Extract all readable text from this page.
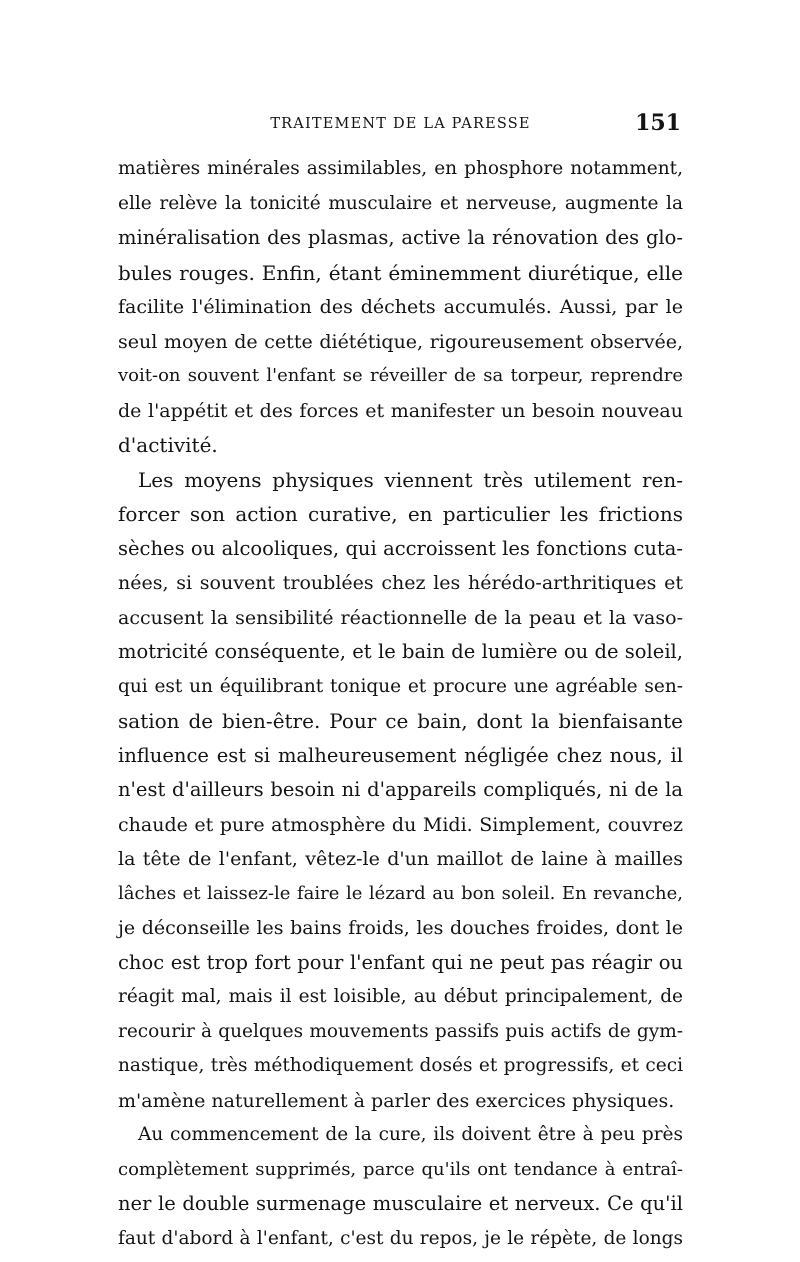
TRAITEMENT DE LA PARESSE	151
matières minérales assimilables, en phosphore notamment,
elle relève la tonicité musculaire et nerveuse, augmente la
minéralisation des plasmas, active la rénovation des glo-
bules rouges. Enfin, étant éminemment diurétique, elle
facilite l'élimination des déchets accumulés. Aussi, par le
seul moyen de cette diététique, rigoureusement observée,
voit-on souvent l'enfant se réveiller de sa torpeur, reprendre
de l'appétit et des forces et manifester un besoin nouveau
d'activité.
Les moyens physiques viennent très utilement ren-
forcer son action curative, en particulier les frictions
sèches ou alcooliques, qui accroissent les fonctions cuta-
nées, si souvent troublées chez les hérédo-arthritiques et
accusent la sensibilité réactionnelle de la peau et la vaso-
motricité conséquente, et le bain de lumière ou de soleil,
qui est un équilibrant tonique et procure une agréable sen-
sation de bien-être. Pour ce bain, dont la bienfaisante
influence est si malheureusement négligée chez nous, il
n'est d'ailleurs besoin ni d'appareils compliqués, ni de la
chaude et pure atmosphère du Midi. Simplement, couvrez
la tête de l'enfant, vêtez-le d'un maillot de laine à mailles
lâches et laissez-le faire le lézard au bon soleil. En revanche,
je déconseille les bains froids, les douches froides, dont le
choc est trop fort pour l'enfant qui ne peut pas réagir ou
réagit mal, mais il est loisible, au début principalement, de
recourir à quelques mouvements passifs puis actifs de gym-
nastique, très méthodiquement dosés et progressifs, et ceci
m'amène naturellement à parler des exercices physiques.
Au commencement de la cure, ils doivent être à peu près
complètement supprimés, parce qu'ils ont tendance à entraî-
ner le double surmenage musculaire et nerveux. Ce qu'il
faut d'abord à l'enfant, c'est du repos, je le répète, de longs
